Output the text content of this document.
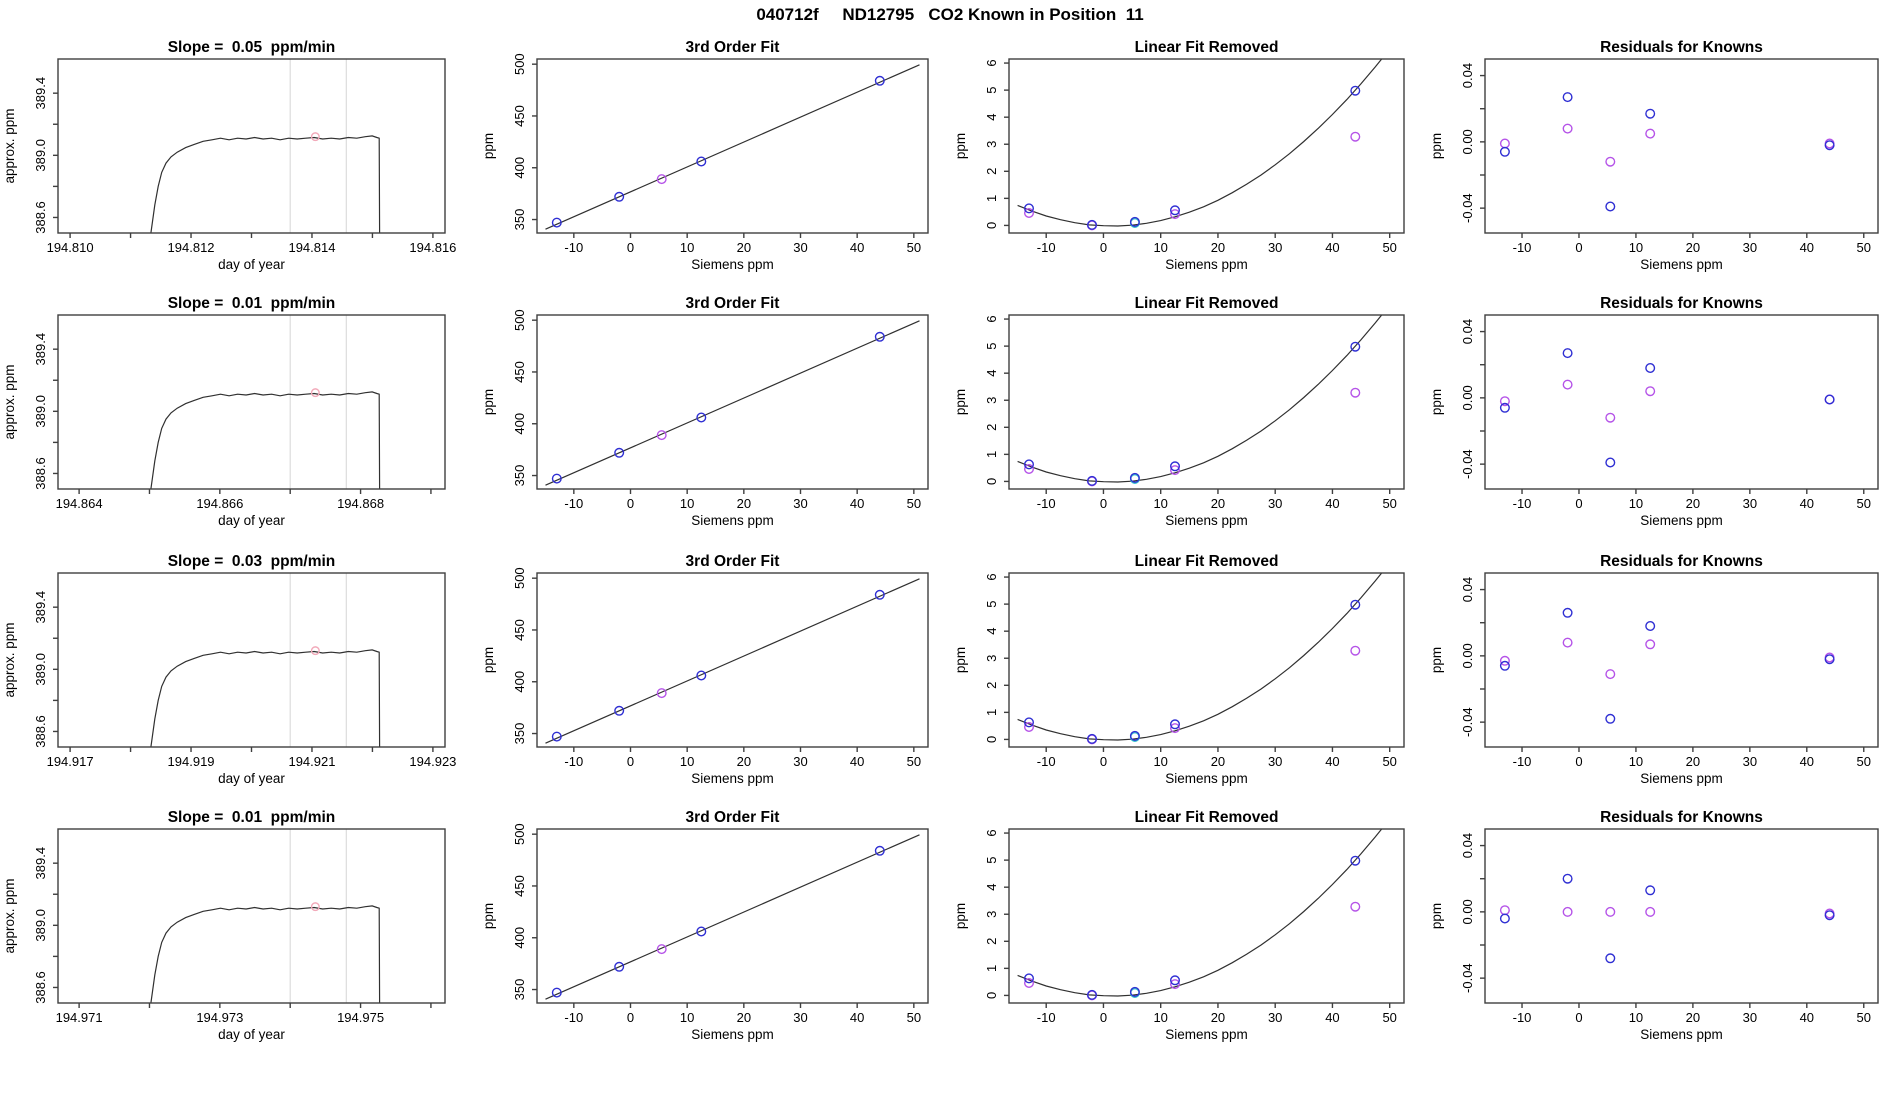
040712f     ND12795   CO2 Known in Position  11
Slope =  0.05  ppm/min
194.810	194.812	194.814	194.816
day of year
388.6
389.0
389.4
approx. ppm
3rd Order Fit
-10	0	10	20	30	40	50
Siemens ppm
350
400
450
500
ppm
Linear Fit Removed
-10	0	10	20	30	40	50
Siemens ppm
0
1
2
3
4
5
6
ppm
Residuals for Knowns
-10	0	10	20	30	40	50
Siemens ppm
-0.04
0.00
0.04
ppm
Slope =  0.01  ppm/min
194.864	194.866	194.868
day of year
388.6
389.0
389.4
approx. ppm
3rd Order Fit
-10	0	10	20	30	40	50
Siemens ppm
350
400
450
500
ppm
Linear Fit Removed
-10	0	10	20	30	40	50
Siemens ppm
0
1
2
3
4
5
6
ppm
Residuals for Knowns
-10	0	10	20	30	40	50
Siemens ppm
-0.04
0.00
0.04
ppm
Slope =  0.03  ppm/min
194.917	194.919	194.921	194.923
day of year
388.6
389.0
389.4
approx. ppm
3rd Order Fit
-10	0	10	20	30	40	50
Siemens ppm
350
400
450
500
ppm
Linear Fit Removed
-10	0	10	20	30	40	50
Siemens ppm
0
1
2
3
4
5
6
ppm
Residuals for Knowns
-10	0	10	20	30	40	50
Siemens ppm
-0.04
0.00
0.04
ppm
Slope =  0.01  ppm/min
194.971	194.973	194.975
day of year
388.6
389.0
389.4
approx. ppm
3rd Order Fit
-10	0	10	20	30	40	50
Siemens ppm
350
400
450
500
ppm
Linear Fit Removed
-10	0	10	20	30	40	50
Siemens ppm
0
1
2
3
4
5
6
ppm
Residuals for Knowns
-10	0	10	20	30	40	50
Siemens ppm
-0.04
0.00
0.04
ppm
